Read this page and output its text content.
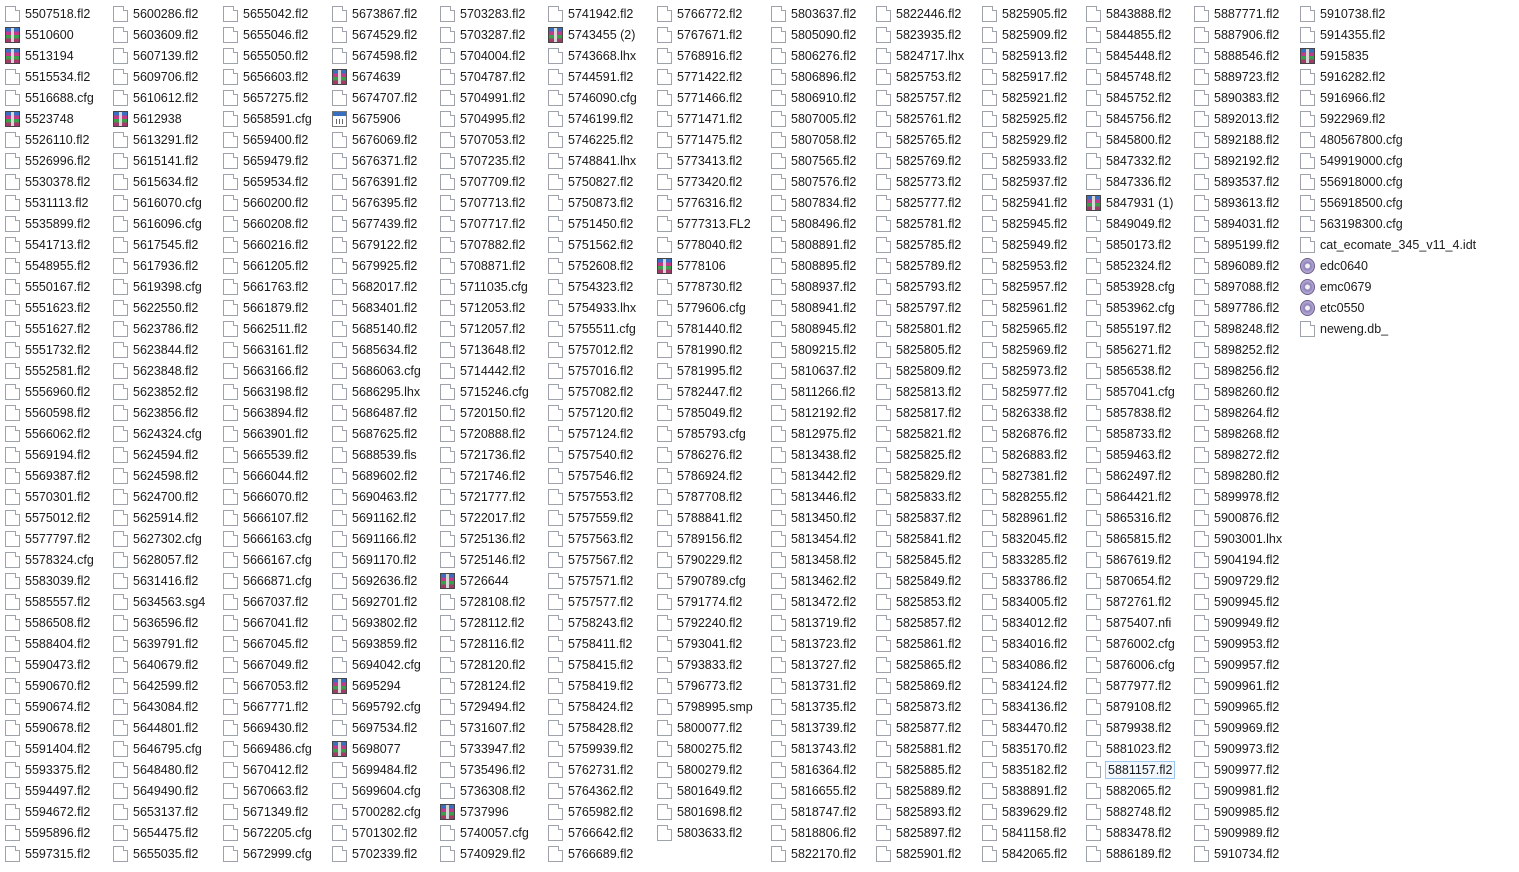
5507518.fl2
5510600
5513194
5515534.fl2
5516688.cfg
5523748
5526110.fl2
5526996.fl2
5530378.fl2
5531113.fl2
5535899.fl2
5541713.fl2
5548955.fl2
5550167.fl2
5551623.fl2
5551627.fl2
5551732.fl2
5552581.fl2
5556960.fl2
5560598.fl2
5566062.fl2
5569194.fl2
5569387.fl2
5570301.fl2
5575012.fl2
5577797.fl2
5578324.cfg
5583039.fl2
5585557.fl2
5586508.fl2
5588404.fl2
5590473.fl2
5590670.fl2
5590674.fl2
5590678.fl2
5591404.fl2
5593375.fl2
5594497.fl2
5594672.fl2
5595896.fl2
5597315.fl2
5600286.fl2
5603609.fl2
5607139.fl2
5609706.fl2
5610612.fl2
5612938
5613291.fl2
5615141.fl2
5615634.fl2
5616070.cfg
5616096.cfg
5617545.fl2
5617936.fl2
5619398.cfg
5622550.fl2
5623786.fl2
5623844.fl2
5623848.fl2
5623852.fl2
5623856.fl2
5624324.cfg
5624594.fl2
5624598.fl2
5624700.fl2
5625914.fl2
5627302.cfg
5628057.fl2
5631416.fl2
5634563.sg4
5636596.fl2
5639791.fl2
5640679.fl2
5642599.fl2
5643084.fl2
5644801.fl2
5646795.cfg
5648480.fl2
5649490.fl2
5653137.fl2
5654475.fl2
5655035.fl2
5655042.fl2
5655046.fl2
5655050.fl2
5656603.fl2
5657275.fl2
5658591.cfg
5659400.fl2
5659479.fl2
5659534.fl2
5660200.fl2
5660208.fl2
5660216.fl2
5661205.fl2
5661763.fl2
5661879.fl2
5662511.fl2
5663161.fl2
5663166.fl2
5663198.fl2
5663894.fl2
5663901.fl2
5665539.fl2
5666044.fl2
5666070.fl2
5666107.fl2
5666163.cfg
5666167.cfg
5666871.cfg
5667037.fl2
5667041.fl2
5667045.fl2
5667049.fl2
5667053.fl2
5667771.fl2
5669430.fl2
5669486.cfg
5670412.fl2
5670663.fl2
5671349.fl2
5672205.cfg
5672999.cfg
5673867.fl2
5674529.fl2
5674598.fl2
5674639
5674707.fl2
5675906
5676069.fl2
5676371.fl2
5676391.fl2
5676395.fl2
5677439.fl2
5679122.fl2
5679925.fl2
5682017.fl2
5683401.fl2
5685140.fl2
5685634.fl2
5686063.cfg
5686295.lhx
5686487.fl2
5687625.fl2
5688539.fls
5689602.fl2
5690463.fl2
5691162.fl2
5691166.fl2
5691170.fl2
5692636.fl2
5692701.fl2
5693802.fl2
5693859.fl2
5694042.cfg
5695294
5695792.cfg
5697534.fl2
5698077
5699484.fl2
5699604.cfg
5700282.cfg
5701302.fl2
5702339.fl2
5703283.fl2
5703287.fl2
5704004.fl2
5704787.fl2
5704991.fl2
5704995.fl2
5707053.fl2
5707235.fl2
5707709.fl2
5707713.fl2
5707717.fl2
5707882.fl2
5708871.fl2
5711035.cfg
5712053.fl2
5712057.fl2
5713648.fl2
5714442.fl2
5715246.cfg
5720150.fl2
5720888.fl2
5721736.fl2
5721746.fl2
5721777.fl2
5722017.fl2
5725136.fl2
5725146.fl2
5726644
5728108.fl2
5728112.fl2
5728116.fl2
5728120.fl2
5728124.fl2
5729494.fl2
5731607.fl2
5733947.fl2
5735496.fl2
5736308.fl2
5737996
5740057.cfg
5740929.fl2
5741942.fl2
5743455 (2)
5743668.lhx
5744591.fl2
5746090.cfg
5746199.fl2
5746225.fl2
5748841.lhx
5750827.fl2
5750873.fl2
5751450.fl2
5751562.fl2
5752608.fl2
5754323.fl2
5754933.lhx
5755511.cfg
5757012.fl2
5757016.fl2
5757082.fl2
5757120.fl2
5757124.fl2
5757540.fl2
5757546.fl2
5757553.fl2
5757559.fl2
5757563.fl2
5757567.fl2
5757571.fl2
5757577.fl2
5758243.fl2
5758411.fl2
5758415.fl2
5758419.fl2
5758424.fl2
5758428.fl2
5759939.fl2
5762731.fl2
5764362.fl2
5765982.fl2
5766642.fl2
5766689.fl2
5766772.fl2
5767671.fl2
5768916.fl2
5771422.fl2
5771466.fl2
5771471.fl2
5771475.fl2
5773413.fl2
5773420.fl2
5776316.fl2
5777313.FL2
5778040.fl2
5778106
5778730.fl2
5779606.cfg
5781440.fl2
5781990.fl2
5781995.fl2
5782447.fl2
5785049.fl2
5785793.cfg
5786276.fl2
5786924.fl2
5787708.fl2
5788841.fl2
5789156.fl2
5790229.fl2
5790789.cfg
5791774.fl2
5792240.fl2
5793041.fl2
5793833.fl2
5796773.fl2
5798995.smp
5800077.fl2
5800275.fl2
5800279.fl2
5801649.fl2
5801698.fl2
5803633.fl2
5803637.fl2
5805090.fl2
5806276.fl2
5806896.fl2
5806910.fl2
5807005.fl2
5807058.fl2
5807565.fl2
5807576.fl2
5807834.fl2
5808496.fl2
5808891.fl2
5808895.fl2
5808937.fl2
5808941.fl2
5808945.fl2
5809215.fl2
5810637.fl2
5811266.fl2
5812192.fl2
5812975.fl2
5813438.fl2
5813442.fl2
5813446.fl2
5813450.fl2
5813454.fl2
5813458.fl2
5813462.fl2
5813472.fl2
5813719.fl2
5813723.fl2
5813727.fl2
5813731.fl2
5813735.fl2
5813739.fl2
5813743.fl2
5816364.fl2
5816655.fl2
5818747.fl2
5818806.fl2
5822170.fl2
5822446.fl2
5823935.fl2
5824717.lhx
5825753.fl2
5825757.fl2
5825761.fl2
5825765.fl2
5825769.fl2
5825773.fl2
5825777.fl2
5825781.fl2
5825785.fl2
5825789.fl2
5825793.fl2
5825797.fl2
5825801.fl2
5825805.fl2
5825809.fl2
5825813.fl2
5825817.fl2
5825821.fl2
5825825.fl2
5825829.fl2
5825833.fl2
5825837.fl2
5825841.fl2
5825845.fl2
5825849.fl2
5825853.fl2
5825857.fl2
5825861.fl2
5825865.fl2
5825869.fl2
5825873.fl2
5825877.fl2
5825881.fl2
5825885.fl2
5825889.fl2
5825893.fl2
5825897.fl2
5825901.fl2
5825905.fl2
5825909.fl2
5825913.fl2
5825917.fl2
5825921.fl2
5825925.fl2
5825929.fl2
5825933.fl2
5825937.fl2
5825941.fl2
5825945.fl2
5825949.fl2
5825953.fl2
5825957.fl2
5825961.fl2
5825965.fl2
5825969.fl2
5825973.fl2
5825977.fl2
5826338.fl2
5826876.fl2
5826883.fl2
5827381.fl2
5828255.fl2
5828961.fl2
5832045.fl2
5833285.fl2
5833786.fl2
5834005.fl2
5834012.fl2
5834016.fl2
5834086.fl2
5834124.fl2
5834136.fl2
5834470.fl2
5835170.fl2
5835182.fl2
5838891.fl2
5839629.fl2
5841158.fl2
5842065.fl2
5843888.fl2
5844855.fl2
5845448.fl2
5845748.fl2
5845752.fl2
5845756.fl2
5845800.fl2
5847332.fl2
5847336.fl2
5847931 (1)
5849049.fl2
5850173.fl2
5852324.fl2
5853928.cfg
5853962.cfg
5855197.fl2
5856271.fl2
5856538.fl2
5857041.cfg
5857838.fl2
5858733.fl2
5859463.fl2
5862497.fl2
5864421.fl2
5865316.fl2
5865815.fl2
5867619.fl2
5870654.fl2
5872761.fl2
5875407.nfi
5876002.cfg
5876006.cfg
5877977.fl2
5879108.fl2
5879938.fl2
5881023.fl2
5881157.fl2
5882065.fl2
5882748.fl2
5883478.fl2
5886189.fl2
5887771.fl2
5887906.fl2
5888546.fl2
5889723.fl2
5890383.fl2
5892013.fl2
5892188.fl2
5892192.fl2
5893537.fl2
5893613.fl2
5894031.fl2
5895199.fl2
5896089.fl2
5897088.fl2
5897786.fl2
5898248.fl2
5898252.fl2
5898256.fl2
5898260.fl2
5898264.fl2
5898268.fl2
5898272.fl2
5898280.fl2
5899978.fl2
5900876.fl2
5903001.lhx
5904194.fl2
5909729.fl2
5909945.fl2
5909949.fl2
5909953.fl2
5909957.fl2
5909961.fl2
5909965.fl2
5909969.fl2
5909973.fl2
5909977.fl2
5909981.fl2
5909985.fl2
5909989.fl2
5910734.fl2
5910738.fl2
5914355.fl2
5915835
5916282.fl2
5916966.fl2
5922969.fl2
480567800.cfg
549919000.cfg
556918000.cfg
556918500.cfg
563198300.cfg
cat_ecomate_345_v11_4.idt
edc0640
emc0679
etc0550
neweng.db_
